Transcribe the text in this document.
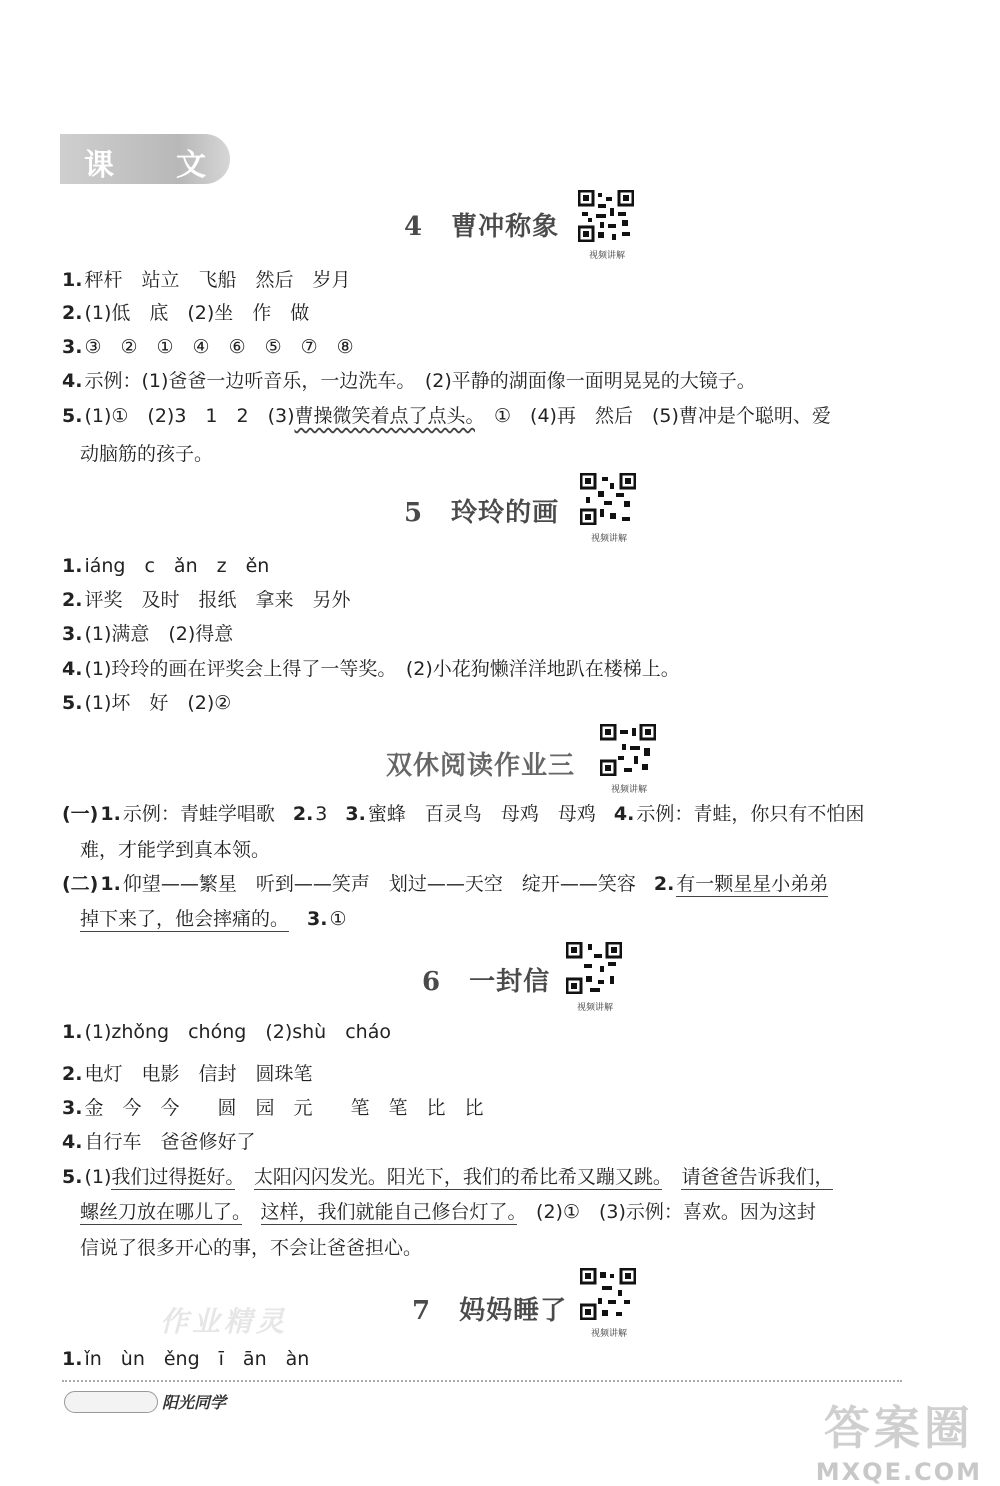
课 文
4 曹冲称象
视频讲解
1. 秤杆　站立　飞船　然后　岁月
2. (1)低　底　(2)坐　作　做
3. ③　②　①　④　⑥　⑤　⑦　⑧
4. 示例：(1)爸爸一边听音乐，一边洗车。　(2)平静的湖面像一面明晃晃的大镜子。
5. (1)①　(2)3　1　2　(3)曹操微笑着点了点头。　①　(4)再　然后　(5)曹冲是个聪明、爱
动脑筋的孩子。
5 玲玲的画
视频讲解
1. iáng　c　ǎn　z　ěn
2. 评奖　及时　报纸　拿来　另外
3. (1)满意　(2)得意
4. (1)玲玲的画在评奖会上得了一等奖。　(2)小花狗懒洋洋地趴在楼梯上。
5. (1)坏　好　(2)②
双休阅读作业三
视频讲解
(一) 1. 示例：青蛙学唱歌 2. 3 3. 蜜蜂　百灵鸟　母鸡　母鸡 4. 示例：青蛙，你只有不怕困
难，才能学到真本领。
(二) 1. 仰望——繁星　听到——笑声　划过——天空　绽开——笑容 2. 有一颗星星小弟弟
掉下来了，他会摔痛的。 3. ①
6 一封信
视频讲解
1. (1)zhǒng　chóng　(2)shù　cháo
2. 电灯　电影　信封　圆珠笔
3. 金　今　今　　圆　园　元　　笔　笔　比　比
4. 自行车　爸爸修好了
5. (1)我们过得挺好。　 太阳闪闪发光。阳光下，我们的希比希又蹦又跳。　 请爸爸告诉我们，
螺丝刀放在哪儿了。　 这样，我们就能自己修台灯了。　(2)①　(3)示例：喜欢。因为这封
信说了很多开心的事，不会让爸爸担心。
作业精灵	7 妈妈睡了
视频讲解
1. ǐn　ùn　ěng　ī　ān　àn
阳光同学	答案圈
MXQE.COM
